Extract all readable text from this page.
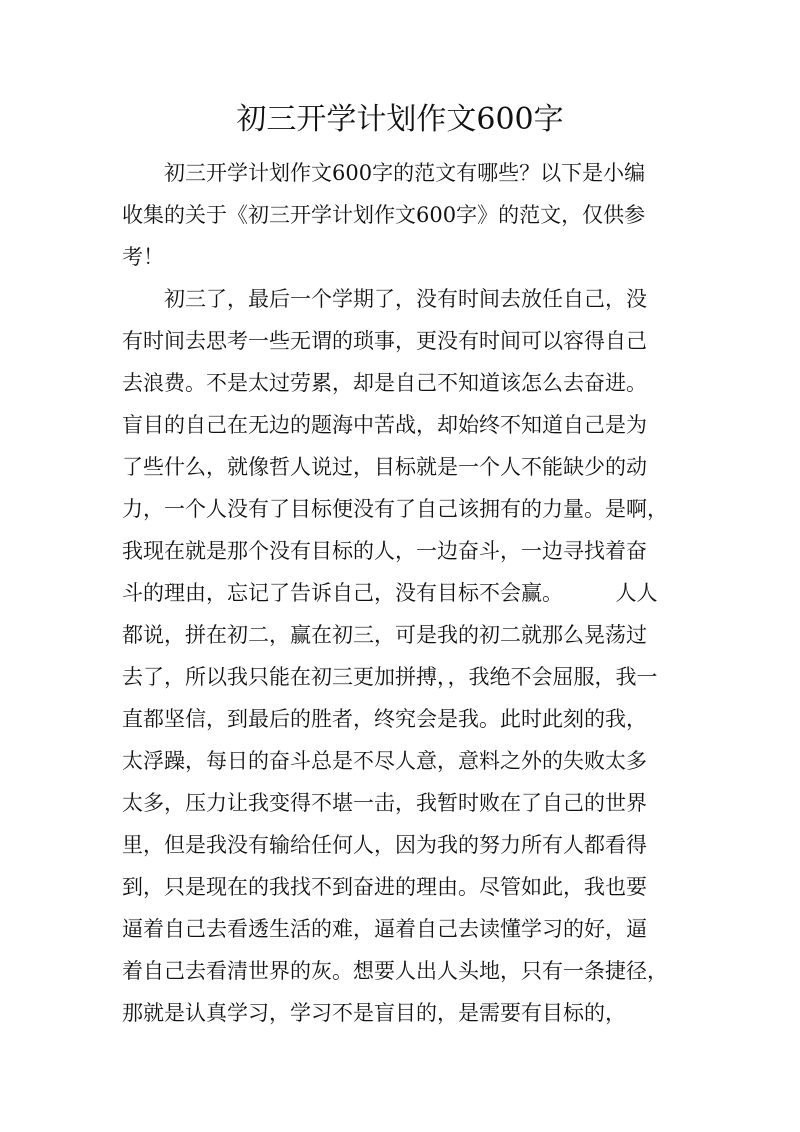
初三开学计划作文600字
　　初三开学计划作文600字的范文有哪些？以下是小编
收集的关于《初三开学计划作文600字》的范文，仅供参
考！
　　初三了，最后一个学期了，没有时间去放任自己，没
有时间去思考一些无谓的琐事，更没有时间可以容得自己
去浪费。不是太过劳累，却是自己不知道该怎么去奋进。
盲目的自己在无边的题海中苦战，却始终不知道自己是为
了些什么，就像哲人说过，目标就是一个人不能缺少的动
力，一个人没有了目标便没有了自己该拥有的力量。是啊，
我现在就是那个没有目标的人，一边奋斗，一边寻找着奋
斗的理由，忘记了告诉自己，没有目标不会赢。　　　人人
都说，拼在初二，赢在初三，可是我的初二就那么晃荡过
去了，所以我只能在初三更加拼搏，，我绝不会屈服，我一
直都坚信，到最后的胜者，终究会是我。此时此刻的我，
太浮躁，每日的奋斗总是不尽人意，意料之外的失败太多
太多，压力让我变得不堪一击，我暂时败在了自己的世界
里，但是我没有输给任何人，因为我的努力所有人都看得
到，只是现在的我找不到奋进的理由。尽管如此，我也要
逼着自己去看透生活的难，逼着自己去读懂学习的好，逼
着自己去看清世界的灰。想要人出人头地，只有一条捷径，
那就是认真学习，学习不是盲目的，是需要有目标的，
